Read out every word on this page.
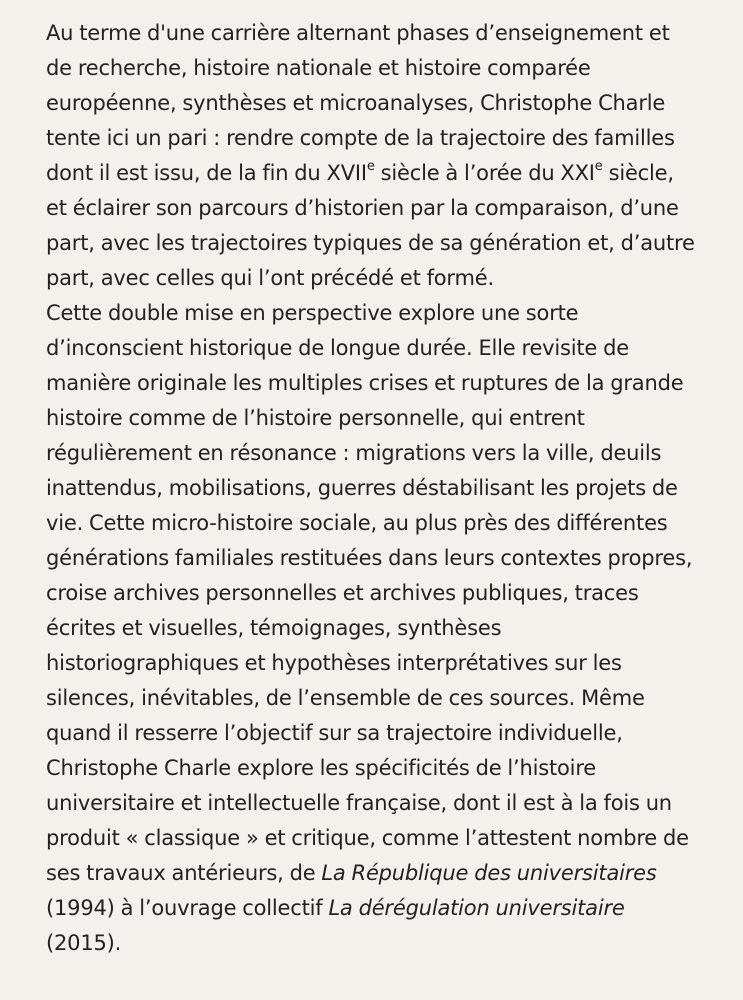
Au terme d'une carrière alternant phases d’enseignement et
de recherche, histoire nationale et histoire comparée
européenne, synthèses et microanalyses, Christophe Charle
tente ici un pari : rendre compte de la trajectoire des familles
dont il est issu, de la fin du XVIIe siècle à l’orée du XXIe siècle,
et éclairer son parcours d’historien par la comparaison, d’une
part, avec les trajectoires typiques de sa génération et, d’autre
part, avec celles qui l’ont précédé et formé.

Cette double mise en perspective explore une sorte
d’inconscient historique de longue durée. Elle revisite de
manière originale les multiples crises et ruptures de la grande
histoire comme de l’histoire personnelle, qui entrent
régulièrement en résonance : migrations vers la ville, deuils
inattendus, mobilisations, guerres déstabilisant les projets de
vie. Cette micro-histoire sociale, au plus près des différentes
générations familiales restituées dans leurs contextes propres,
croise archives personnelles et archives publiques, traces
écrites et visuelles, témoignages, synthèses
historiographiques et hypothèses interprétatives sur les
silences, inévitables, de l’ensemble de ces sources. Même
quand il resserre l’objectif sur sa trajectoire individuelle,
Christophe Charle explore les spécificités de l’histoire
universitaire et intellectuelle française, dont il est à la fois un
produit « classique » et critique, comme l’attestent nombre de
ses travaux antérieurs, de La République des universitaires
(1994) à l’ouvrage collectif La dérégulation universitaire
(2015).
